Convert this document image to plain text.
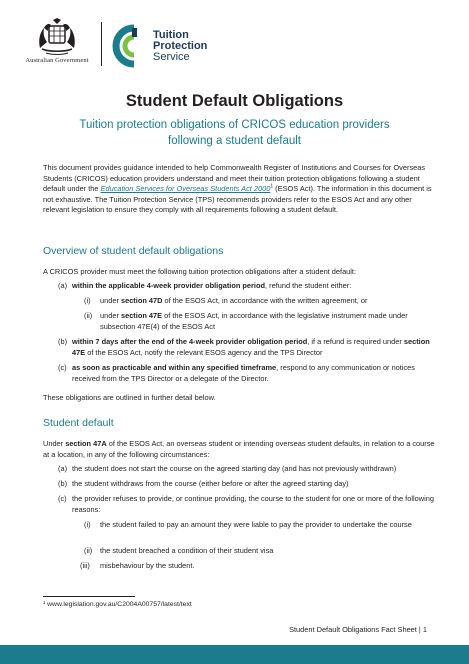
Australian Government
Tuition
Protection
Service
Student Default Obligations

Tuition protection obligations of CRICOS education providers following a student default

This document provides guidance intended to help Commonwealth Register of Institutions and Courses for Overseas Students (CRICOS) education providers understand and meet their tuition protection obligations following a student default under the Education Services for Overseas Students Act 2000$^1$ (ESOS Act). The information in this document is not exhaustive. The Tuition Protection Service (TPS) recommends providers refer to the ESOS Act and any other relevant legislation to ensure they comply with all requirements following a student default.

Overview of student default obligations

A CRICOS provider must meet the following tuition protection obligations after a student default:

(a) within the applicable 4-week provider obligation period, refund the student either:
(i) under section 47D of the ESOS Act, in accordance with the written agreement, or
(ii) under section 47E of the ESOS Act, in accordance with the legislative instrument made under subsection 47E(4) of the ESOS Act
(b) within 7 days after the end of the 4-week provider obligation period, if a refund is required under section 47E of the ESOS Act, notify the relevant ESOS agency and the TPS Director
(c) as soon as practicable and within any specified timeframe, respond to any communication or notices received from the TPS Director or a delegate of the Director.

These obligations are outlined in further detail below.

Student default

Under section 47A of the ESOS Act, an overseas student or intending overseas student defaults, in relation to a course at a location, in any of the following circumstances:

(a) the student does not start the course on the agreed starting day (and has not previously withdrawn)
(b) the student withdraws from the course (either before or after the agreed starting day)
(c) the provider refuses to provide, or continue providing, the course to the student for one or more of the following reasons:
(i) the student failed to pay an amount they were liable to pay the provider to undertake the course
(ii) the student breached a condition of their student visa
(iii) misbehaviour by the student.
¹ www.legislation.gov.au/C2004A00757/latest/text
Student Default Obligations Fact Sheet | 1
